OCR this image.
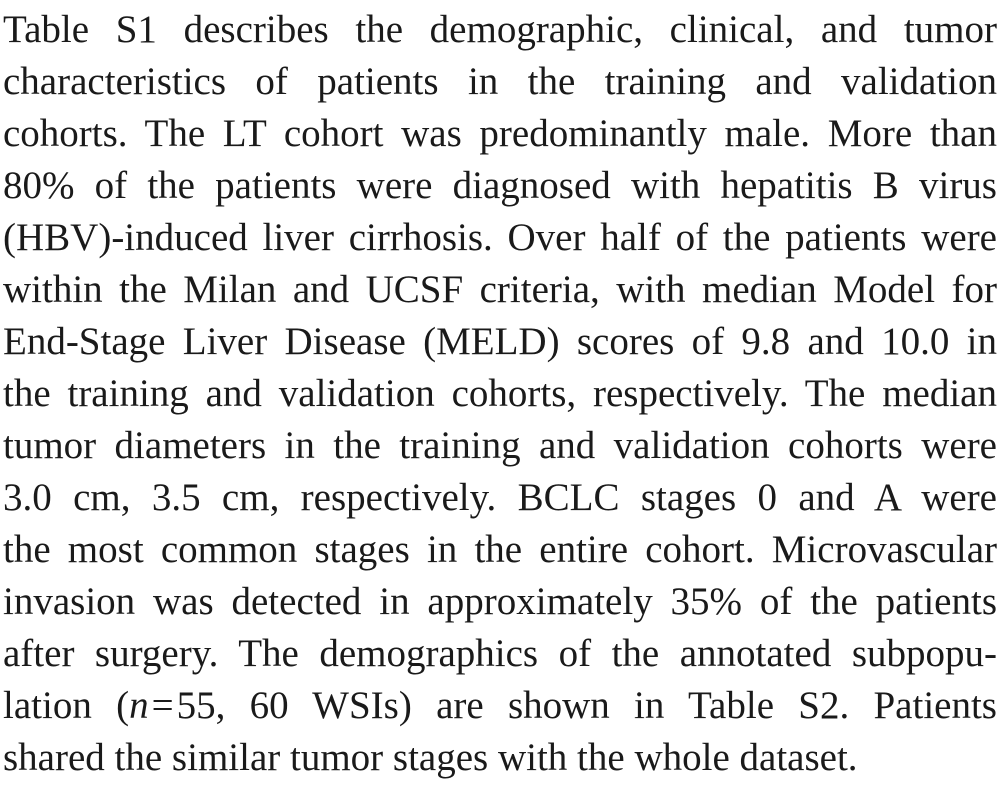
Table S1 describes the demographic, clinical, and tumor
characteristics of patients in the training and validation
cohorts. The LT cohort was predominantly male. More than
80% of the patients were diagnosed with hepatitis B virus
(HBV)-induced liver cirrhosis. Over half of the patients were
within the Milan and UCSF criteria, with median Model for
End-Stage Liver Disease (MELD) scores of 9.8 and 10.0 in
the training and validation cohorts, respectively. The median
tumor diameters in the training and validation cohorts were
3.0 cm, 3.5 cm, respectively. BCLC stages 0 and A were
the most common stages in the entire cohort. Microvascular
invasion was detected in approximately 35% of the patients
after surgery. The demographics of the annotated subpopu-
lation (n=55, 60 WSIs) are shown in Table S2. Patients
shared the similar tumor stages with the whole dataset.
